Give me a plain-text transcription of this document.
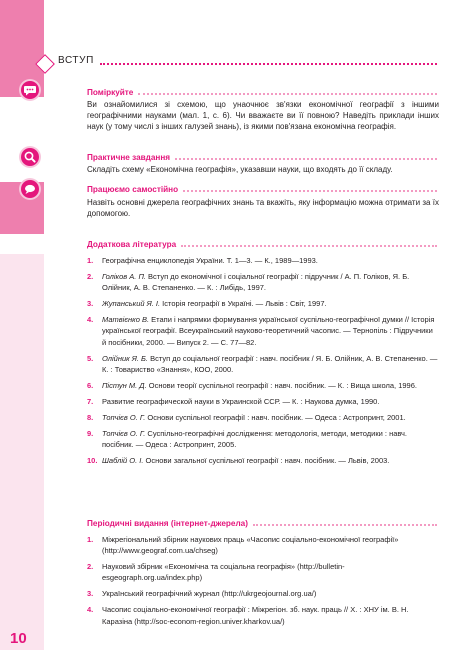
ВСТУП
Поміркуйте
Ви ознайомилися зі схемою, що унаочнює зв'язки економічної географії з іншими географічними науками (мал. 1, с. 6). Чи вважаєте ви її повною? Наведіть приклади інших наук (у тому числі з інших галузей знань), із якими пов'язана економічна географія.
Практичне завдання
Складіть схему «Економічна географія», указавши науки, що входять до її складу.
Працюємо самостійно
Назвіть основні джерела географічних знань та вкажіть, яку інформацію можна отримати за їх допомогою.
Додаткова література
1. Географічна енциклопедія України. Т. 1—3. — К., 1989—1993.
2. Голіков А. П. Вступ до економічної і соціальної географії : підручник / А. П. Голіков, Я. Б. Олійник, А. В. Степаненко. — К. : Либідь, 1997.
3. Жупанський Я. І. Історія географії в Україні. — Львів : Світ, 1997.
4. Матвієнко В. Етапи і напрямки формування української суспільно-географічної думки // Історія української географії. Всеукраїнський науково-теоретичний часопис. — Тернопіль : Підручники й посібники, 2000. — Випуск 2. — С. 77—82.
5. Олійник Я. Б. Вступ до соціальної географії : навч. посібник / Я. Б. Олійник, А. В. Степаненко. — К. : Товариство «Знання», КОО, 2000.
6. Пістун М. Д. Основи теорії суспільної географії : навч. посібник. — К. : Вища школа, 1996.
7. Развитие географической науки в Украинской ССР. — К. : Наукова думка, 1990.
8. Топчієв О. Г. Основи суспільної географії : навч. посібник. — Одеса : Астропринт, 2001.
9. Топчієв О. Г. Суспільно-географічні дослідження: методологія, методи, методики : навч. посібник. — Одеса : Астропринт, 2005.
10. Шаблій О. І. Основи загальної суспільної географії : навч. посібник. — Львів, 2003.
Періодичні видання (інтернет-джерела)
1. Міжрегіональний збірник наукових праць «Часопис соціально-економічної географії» (http://www.geograf.com.ua/chseg)
2. Науковий збірник «Економічна та соціальна географія» (http://bulletin-esgeograph.org.ua/index.php)
3. Український географічний журнал (http://ukrgeojournal.org.ua/)
4. Часопис соціально-економічної географії : Міжрегіон. зб. наук. праць // Х. : ХНУ ім. В. Н. Каразіна (http://soc-econom-region.univer.kharkov.ua/)
10
